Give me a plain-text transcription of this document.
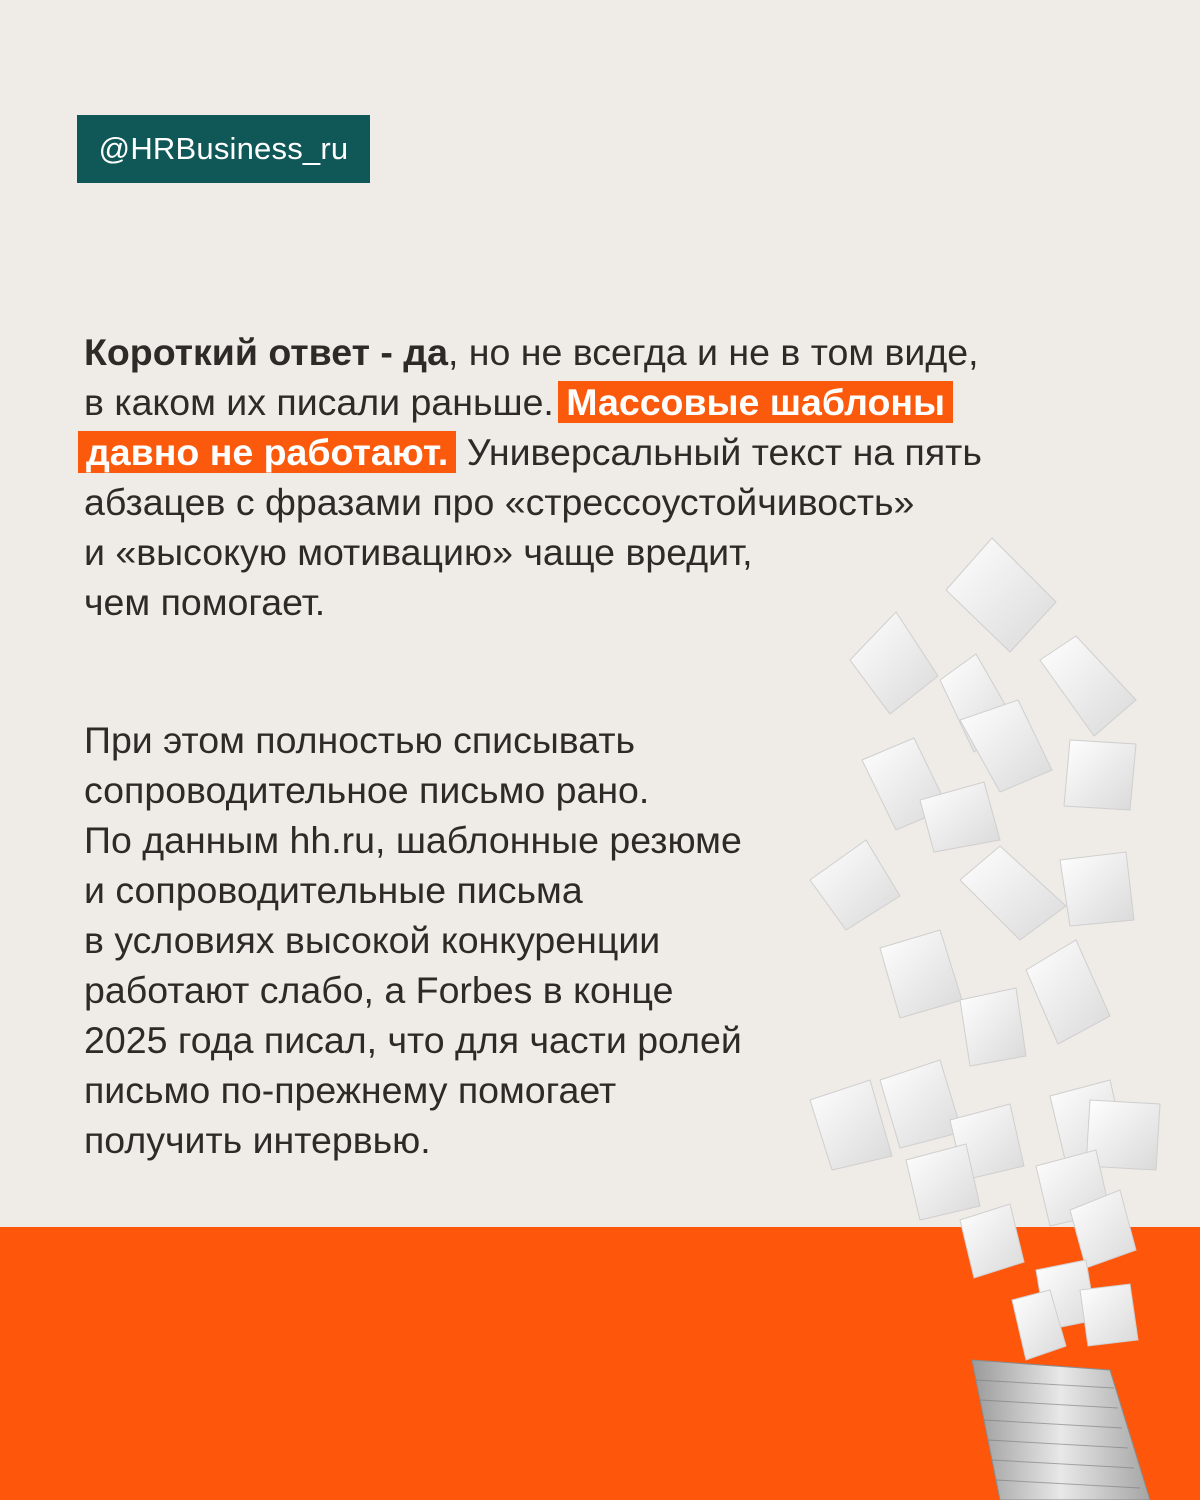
@HRBusiness_ru
Короткий ответ - да, но не всегда и не в том виде,
в каком их писали раньше. Массовые шаблоны
давно не работают. Универсальный текст на пять
абзацев с фразами про «стрессоустойчивость»
и «высокую мотивацию» чаще вредит,
чем помогает.
При этом полностью списывать
сопроводительное письмо рано.
По данным hh.ru, шаблонные резюме
и сопроводительные письма
в условиях высокой конкуренции
работают слабо, а Forbes в конце
2025 года писал, что для части ролей
письмо по-прежнему помогает
получить интервью.
